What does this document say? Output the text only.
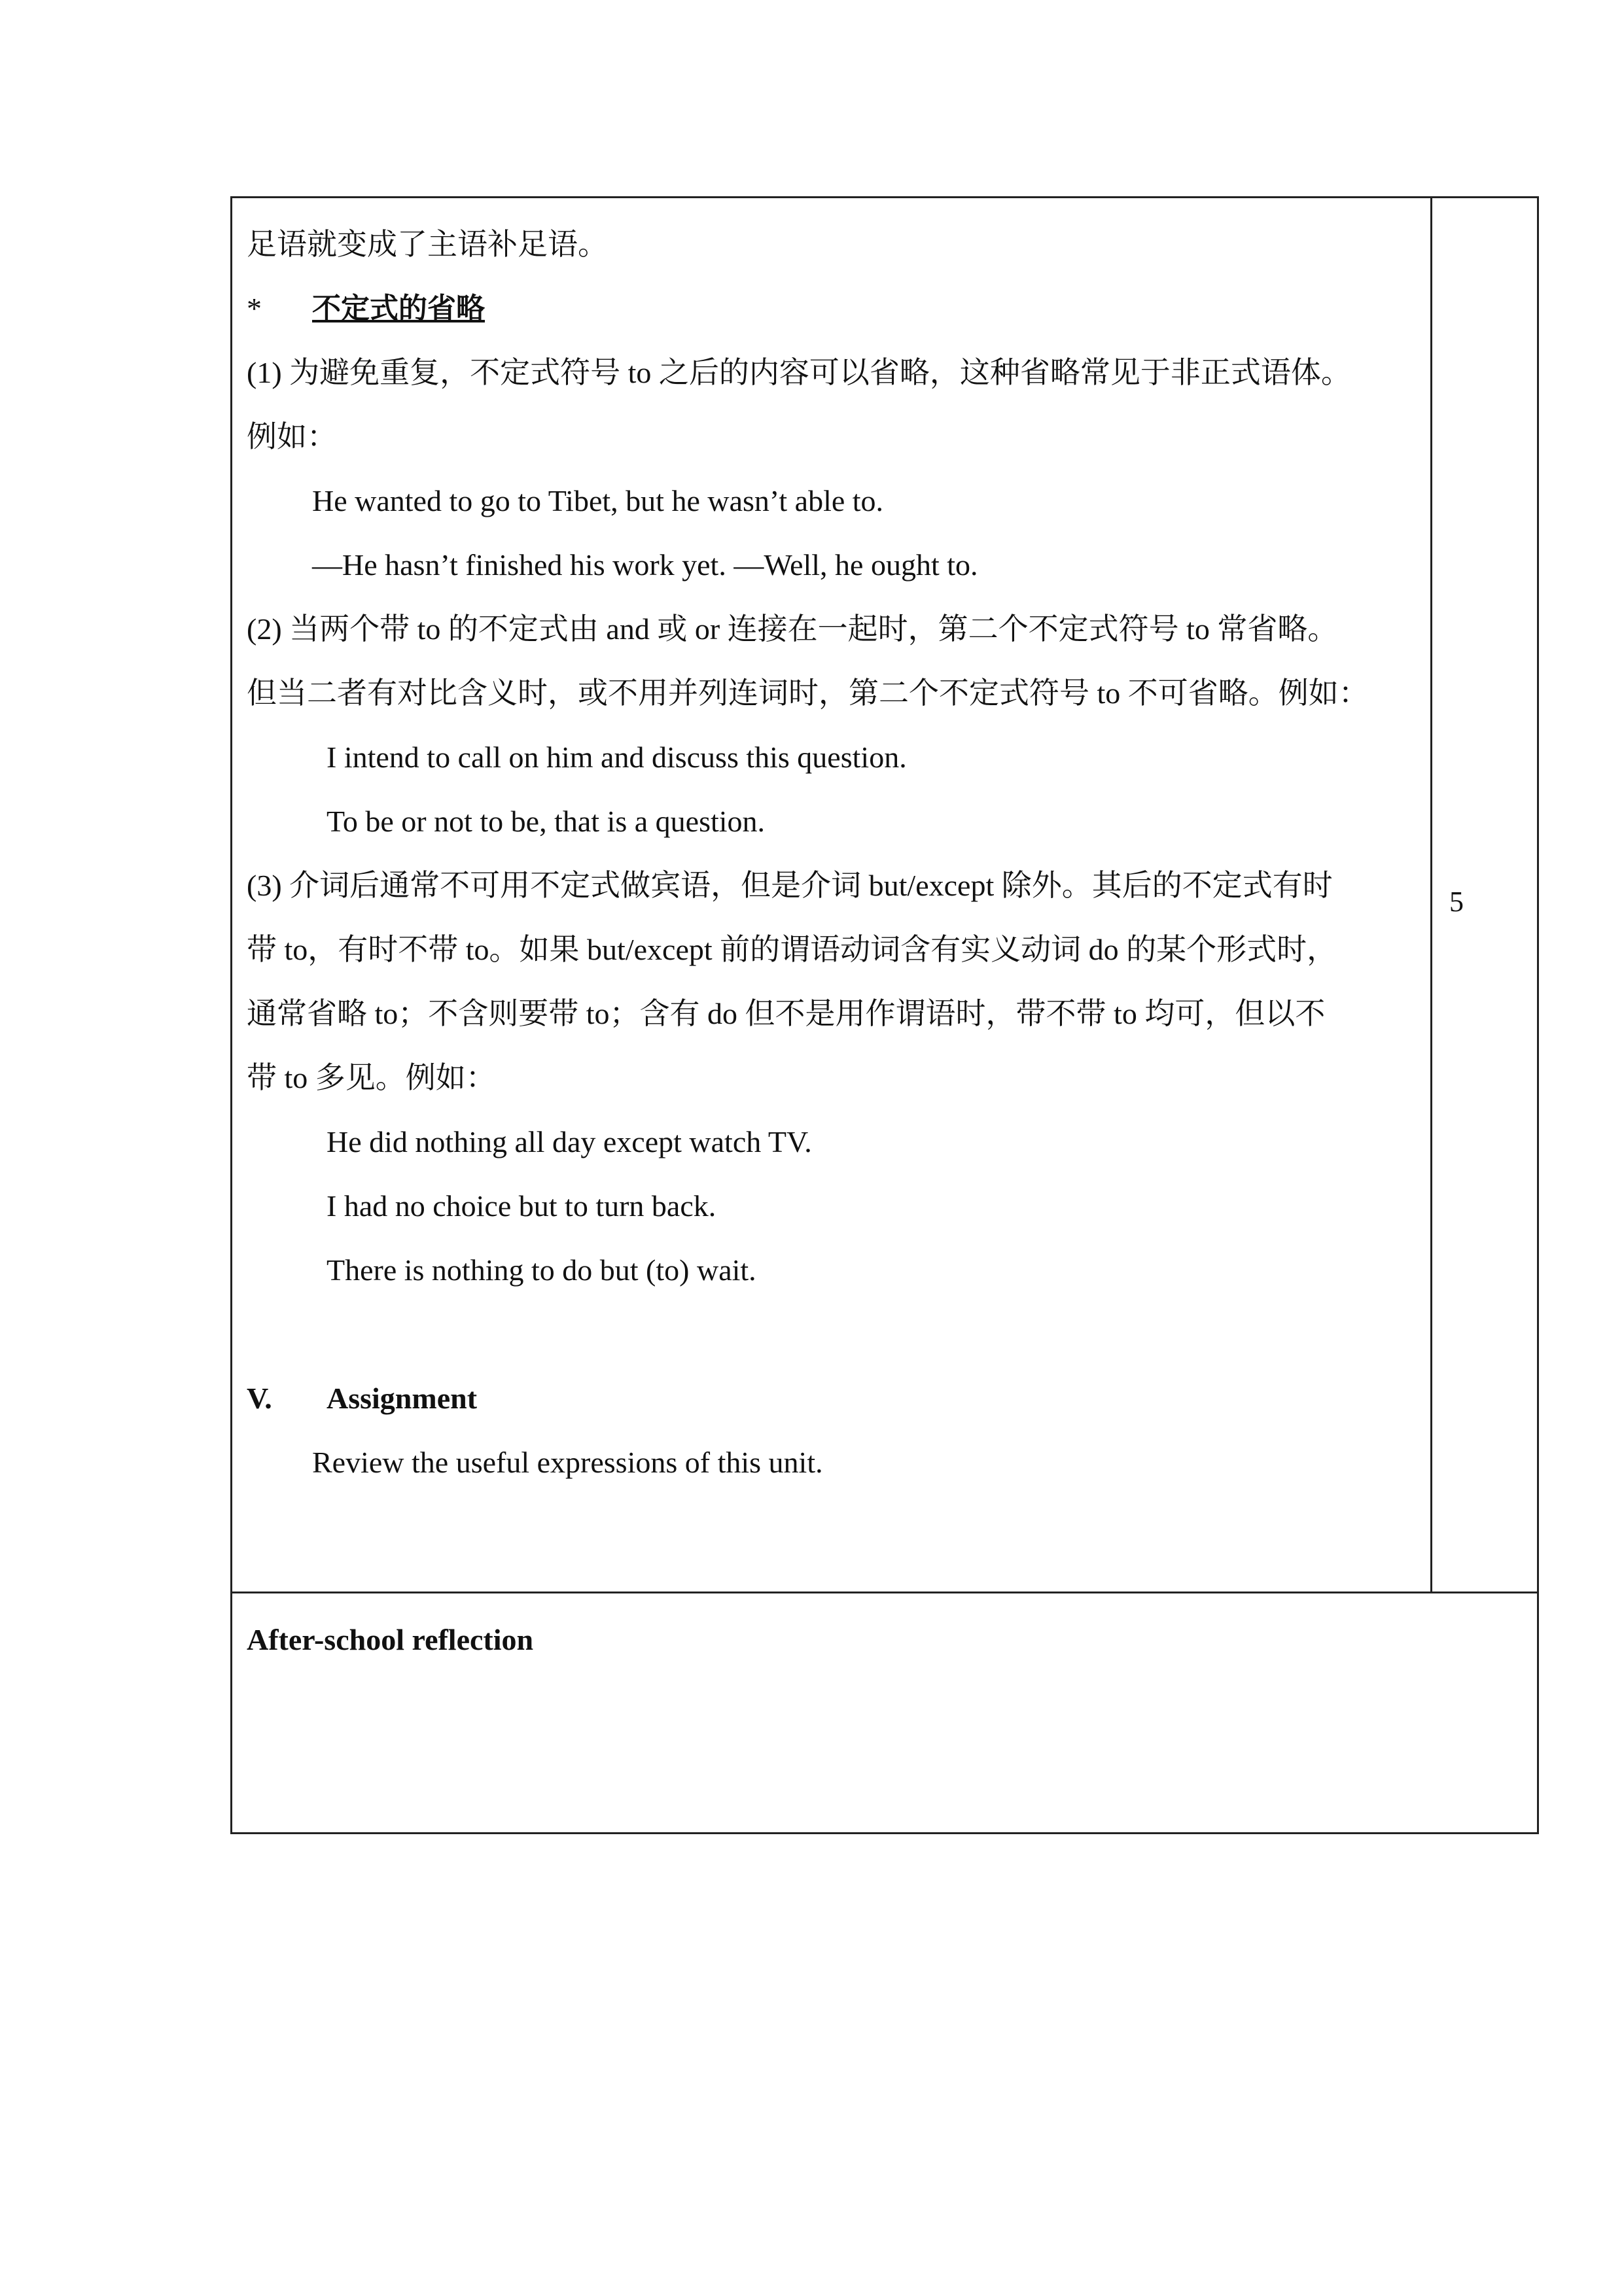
足语就变成了主语补足语。
*	不定式的省略
(1) 为避免重复，不定式符号 to 之后的内容可以省略，这种省略常见于非正式语体。
例如：
He wanted to go to Tibet, but he wasn’t able to.
—He hasn’t finished his work yet. —Well, he ought to.
(2) 当两个带 to 的不定式由 and 或 or 连接在一起时，第二个不定式符号 to 常省略。
但当二者有对比含义时，或不用并列连词时，第二个不定式符号 to 不可省略。例如：
I intend to call on him and discuss this question.
To be or not to be, that is a question.
(3) 介词后通常不可用不定式做宾语，但是介词 but/except 除外。其后的不定式有时
带 to，有时不带 to。如果 but/except 前的谓语动词含有实义动词 do 的某个形式时，
通常省略 to；不含则要带 to；含有 do 但不是用作谓语时，带不带 to 均可，但以不
带 to 多见。例如：
He did nothing all day except watch TV.
I had no choice but to turn back.
There is nothing to do but (to) wait.
V.	Assignment
Review the useful expressions of this unit.

5

After-school reflection
